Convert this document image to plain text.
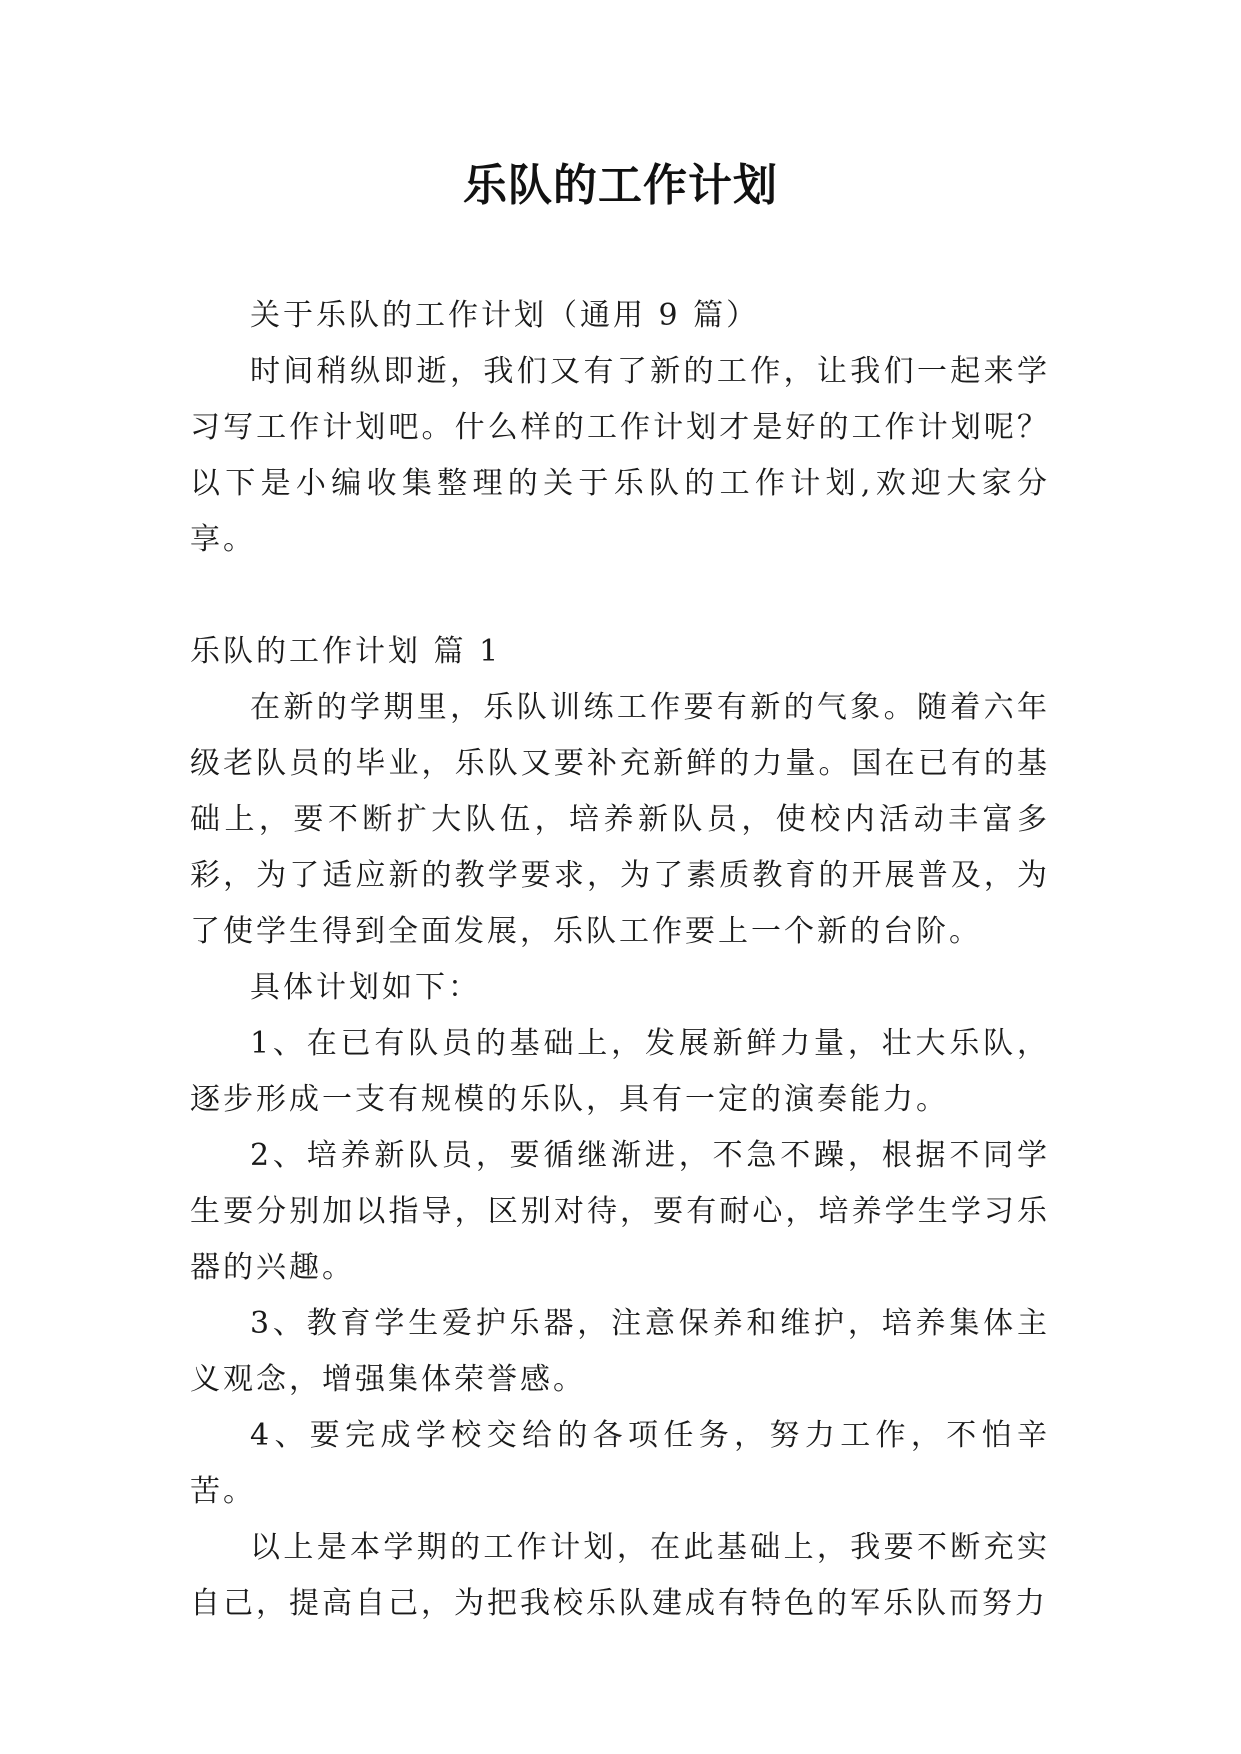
乐队的工作计划

关于乐队的工作计划（通用 9 篇）

时间稍纵即逝，我们又有了新的工作，让我们一起来学习写工作计划吧。什么样的工作计划才是好的工作计划呢？以下是小编收集整理的关于乐队的工作计划,欢迎大家分享。

乐队的工作计划 篇 1

在新的学期里，乐队训练工作要有新的气象。随着六年级老队员的毕业，乐队又要补充新鲜的力量。国在已有的基础上，要不断扩大队伍，培养新队员，使校内活动丰富多彩，为了适应新的教学要求，为了素质教育的开展普及，为了使学生得到全面发展，乐队工作要上一个新的台阶。

具体计划如下：

1、在已有队员的基础上，发展新鲜力量，壮大乐队，逐步形成一支有规模的乐队，具有一定的演奏能力。

2、培养新队员，要循继渐进，不急不躁，根据不同学生要分别加以指导，区别对待，要有耐心，培养学生学习乐器的兴趣。

3、教育学生爱护乐器，注意保养和维护，培养集体主义观念，增强集体荣誉感。

4、要完成学校交给的各项任务，努力工作，不怕辛苦。

以上是本学期的工作计划，在此基础上，我要不断充实自己，提高自己，为把我校乐队建成有特色的军乐队而努力
